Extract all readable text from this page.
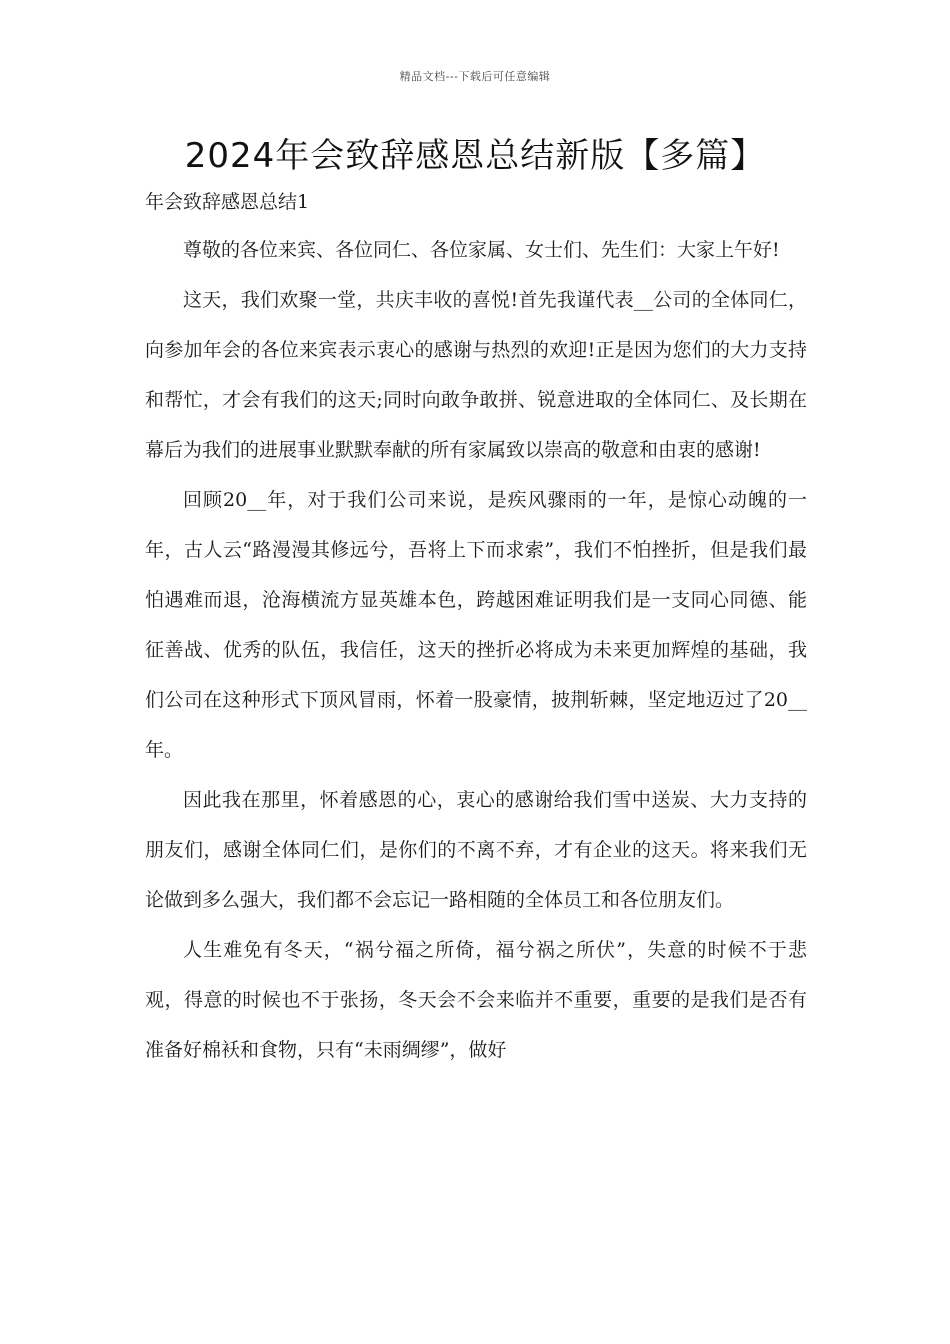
精品文档---下载后可任意编辑
2024年会致辞感恩总结新版【多篇】
年会致辞感恩总结1

尊敬的各位来宾、各位同仁、各位家属、女士们、先生们：大家上午好!

这天，我们欢聚一堂，共庆丰收的喜悦!首先我谨代表__公司的全体同仁，向参加年会的各位来宾表示衷心的感谢与热烈的欢迎!正是因为您们的大力支持和帮忙，才会有我们的这天;同时向敢争敢拼、锐意进取的全体同仁、及长期在幕后为我们的进展事业默默奉献的所有家属致以崇高的敬意和由衷的感谢!

回顾20__年，对于我们公司来说，是疾风骤雨的一年，是惊心动魄的一年，古人云“路漫漫其修远兮，吾将上下而求索”，我们不怕挫折，但是我们最怕遇难而退，沧海横流方显英雄本色，跨越困难证明我们是一支同心同德、能征善战、优秀的队伍，我信任，这天的挫折必将成为未来更加辉煌的基础，我们公司在这种形式下顶风冒雨，怀着一股豪情，披荆斩棘，坚定地迈过了20__年。

因此我在那里，怀着感恩的心，衷心的感谢给我们雪中送炭、大力支持的朋友们，感谢全体同仁们，是你们的不离不弃，才有企业的这天。将来我们无论做到多么强大，我们都不会忘记一路相随的全体员工和各位朋友们。

人生难免有冬天，“祸兮福之所倚，福兮祸之所伏”，失意的时候不于悲观，得意的时候也不于张扬，冬天会不会来临并不重要，重要的是我们是否有准备好棉袄和食物，只有“未雨绸缪”，做好
